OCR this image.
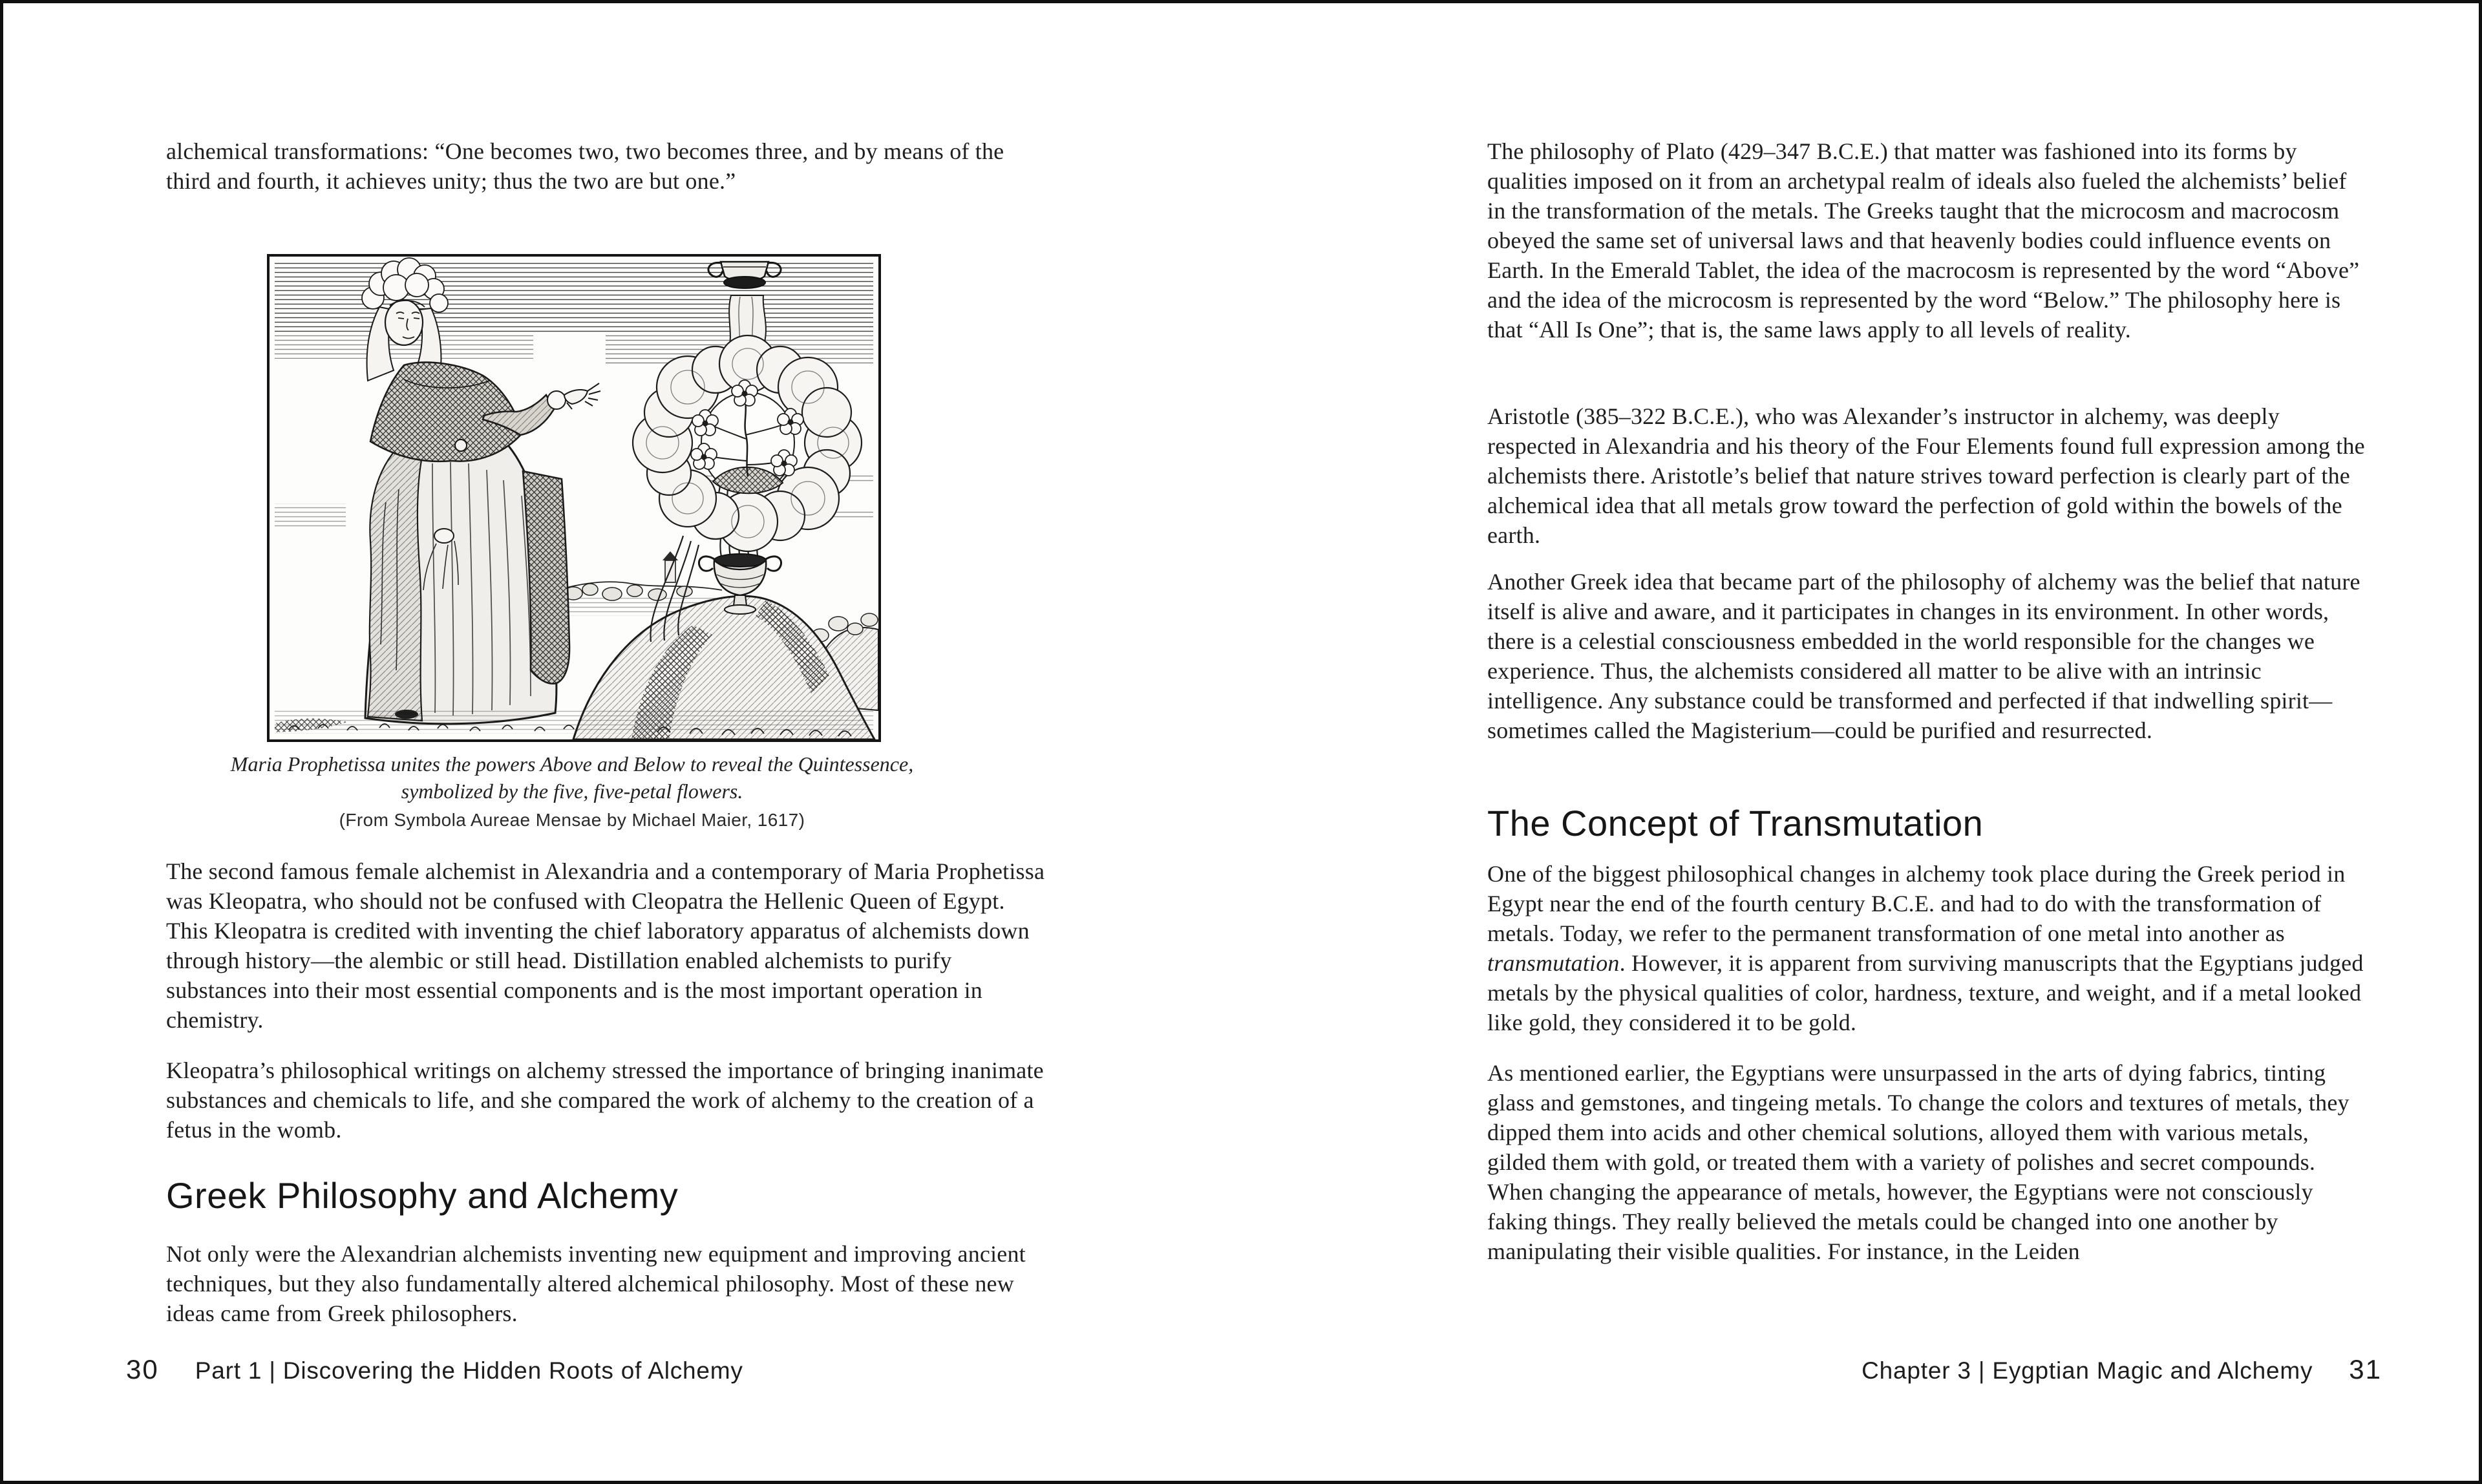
alchemical transformations: “One becomes two, two becomes three, and by means of the third and fourth, it achieves unity; thus the two are but one.”
Maria Prophetissa unites the powers Above and Below to reveal the Quintessence,
symbolized by the five, five-petal flowers.
(From Symbola Aureae Mensae by Michael Maier, 1617)
The second famous female alchemist in Alexandria and a contemporary of Maria Prophetissa was Kleopatra, who should not be confused with Cleopatra the Hellenic Queen of Egypt. This Kleopatra is credited with inventing the chief laboratory apparatus of alchemists down through history—the alembic or still head. Distillation enabled alchemists to purify substances into their most essential components and is the most important operation in chemistry.
Kleopatra’s philosophical writings on alchemy stressed the importance of bringing inanimate substances and chemicals to life, and she compared the work of alchemy to the creation of a fetus in the womb.
Greek Philosophy and Alchemy
Not only were the Alexandrian alchemists inventing new equipment and improving ancient techniques, but they also fundamentally altered alchemical philosophy. Most of these new ideas came from Greek philosophers.
30 Part 1 | Discovering the Hidden Roots of Alchemy
The philosophy of Plato (429–347 B.C.E.) that matter was fashioned into its forms by qualities imposed on it from an archetypal realm of ideals also fueled the alchemists’ belief in the transformation of the metals. The Greeks taught that the microcosm and macrocosm obeyed the same set of universal laws and that heavenly bodies could influence events on Earth. In the Emerald Tablet, the idea of the macrocosm is represented by the word “Above” and the idea of the microcosm is represented by the word “Below.” The philosophy here is that “All Is One”; that is, the same laws apply to all levels of reality.
Aristotle (385–322 B.C.E.), who was Alexander’s instructor in alchemy, was deeply respected in Alexandria and his theory of the Four Elements found full expression among the alchemists there. Aristotle’s belief that nature strives toward perfection is clearly part of the alchemical idea that all metals grow toward the perfection of gold within the bowels of the earth.
Another Greek idea that became part of the philosophy of alchemy was the belief that nature itself is alive and aware, and it participates in changes in its environment. In other words, there is a celestial consciousness embedded in the world responsible for the changes we experience. Thus, the alchemists considered all matter to be alive with an intrinsic intelligence. Any substance could be transformed and perfected if that indwelling spirit—sometimes called the Magisterium—could be purified and resurrected.
The Concept of Transmutation
One of the biggest philosophical changes in alchemy took place during the Greek period in Egypt near the end of the fourth century B.C.E. and had to do with the transformation of metals. Today, we refer to the permanent transformation of one metal into another as transmutation. However, it is apparent from surviving manuscripts that the Egyptians judged metals by the physical qualities of color, hardness, texture, and weight, and if a metal looked like gold, they considered it to be gold.
As mentioned earlier, the Egyptians were unsurpassed in the arts of dying fabrics, tinting glass and gemstones, and tingeing metals. To change the colors and textures of metals, they dipped them into acids and other chemical solutions, alloyed them with various metals, gilded them with gold, or treated them with a variety of polishes and secret compounds. When changing the appearance of metals, however, the Egyptians were not consciously faking things. They really believed the metals could be changed into one another by manipulating their visible qualities. For instance, in the Leiden
Chapter 3 | Eygptian Magic and Alchemy 31
